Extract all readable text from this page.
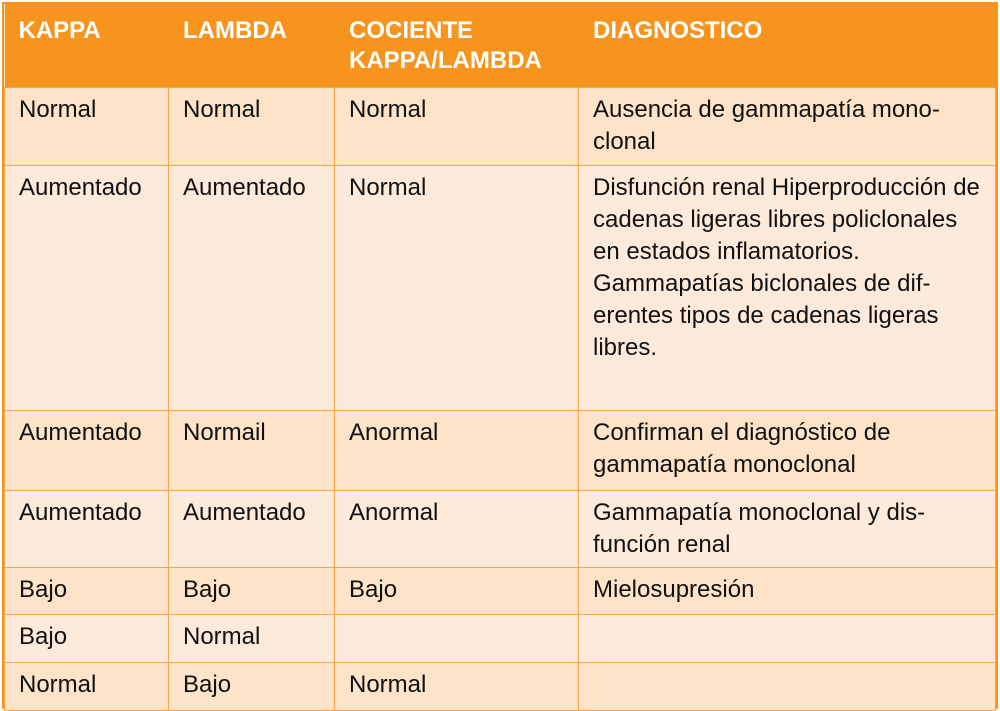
KAPPA	LAMBDA	COCIENTE KAPPA/LAMBDA	DIAGNOSTICO
Normal	Normal	Normal	Ausencia de gammapatía mono-clonal
Aumentado	Aumentado	Normal	Disfunción renal Hiperproducción de cadenas ligeras libres policlonales en estados inflamatorios. Gammapatías biclonales de dif-erentes tipos de cadenas ligeras libres.
Aumentado	Normail	Anormal	Confirman el diagnóstico de gammapatía monoclonal
Aumentado	Aumentado	Anormal	Gammapatía monoclonal y dis-función renal
Bajo	Bajo	Bajo	Mielosupresión
Bajo	Normal		
Normal	Bajo	Normal	
